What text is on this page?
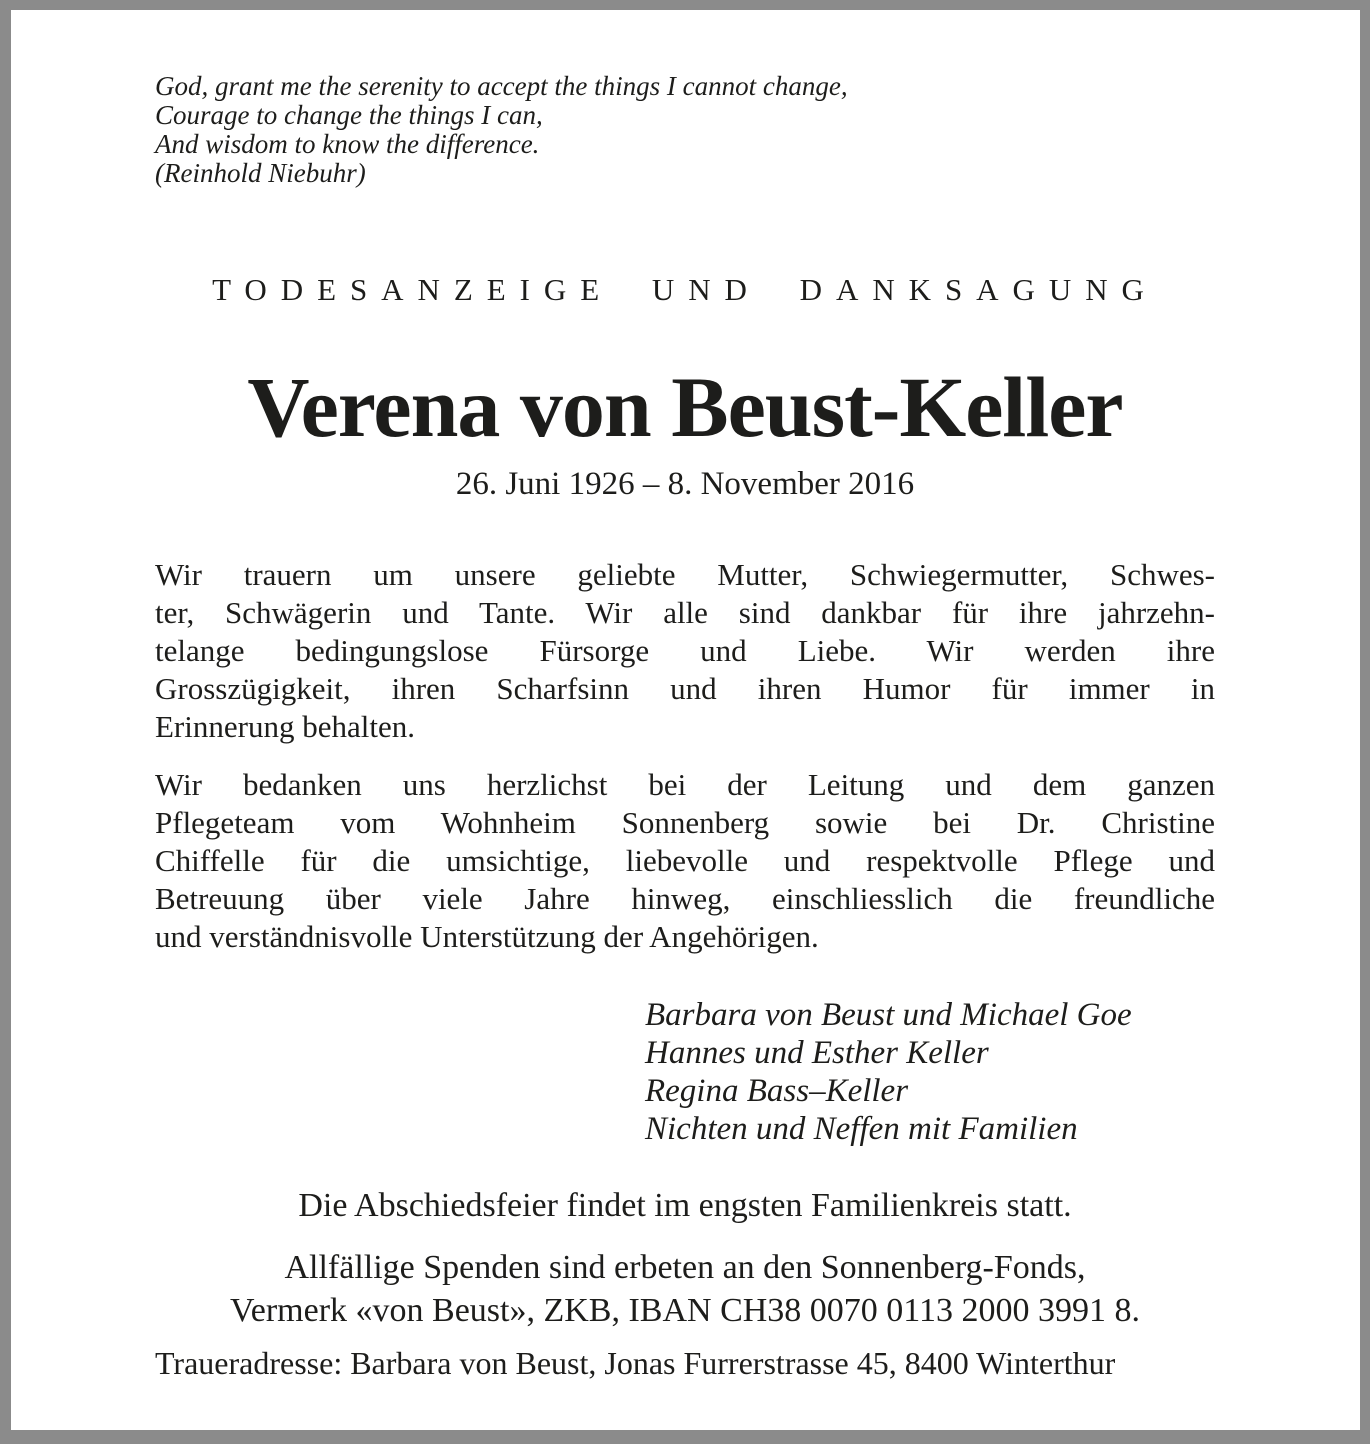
God, grant me the serenity to accept the things I cannot change,
Courage to change the things I can,
And wisdom to know the difference.
(Reinhold Niebuhr)
TODESANZEIGE UND DANKSAGUNG
Verena von Beust-Keller
26. Juni 1926 – 8. November 2016
Wir trauern um unsere geliebte Mutter, Schwiegermutter, Schwes-
ter, Schwägerin und Tante. Wir alle sind dankbar für ihre jahrzehn-
telange bedingungslose Fürsorge und Liebe. Wir werden ihre
Grosszügigkeit, ihren Scharfsinn und ihren Humor für immer in
Erinnerung behalten.
Wir bedanken uns herzlichst bei der Leitung und dem ganzen
Pflegeteam vom Wohnheim Sonnenberg sowie bei Dr. Christine
Chiffelle für die umsichtige, liebevolle und respektvolle Pflege und
Betreuung über viele Jahre hinweg, einschliesslich die freundliche
und verständnisvolle Unterstützung der Angehörigen.
Barbara von Beust und Michael Goe
Hannes und Esther Keller
Regina Bass–Keller
Nichten und Neffen mit Familien
Die Abschiedsfeier findet im engsten Familienkreis statt.
Allfällige Spenden sind erbeten an den Sonnenberg-Fonds,
Vermerk «von Beust», ZKB, IBAN CH38 0070 0113 2000 3991 8.
Traueradresse: Barbara von Beust, Jonas Furrerstrasse 45, 8400 Winterthur
